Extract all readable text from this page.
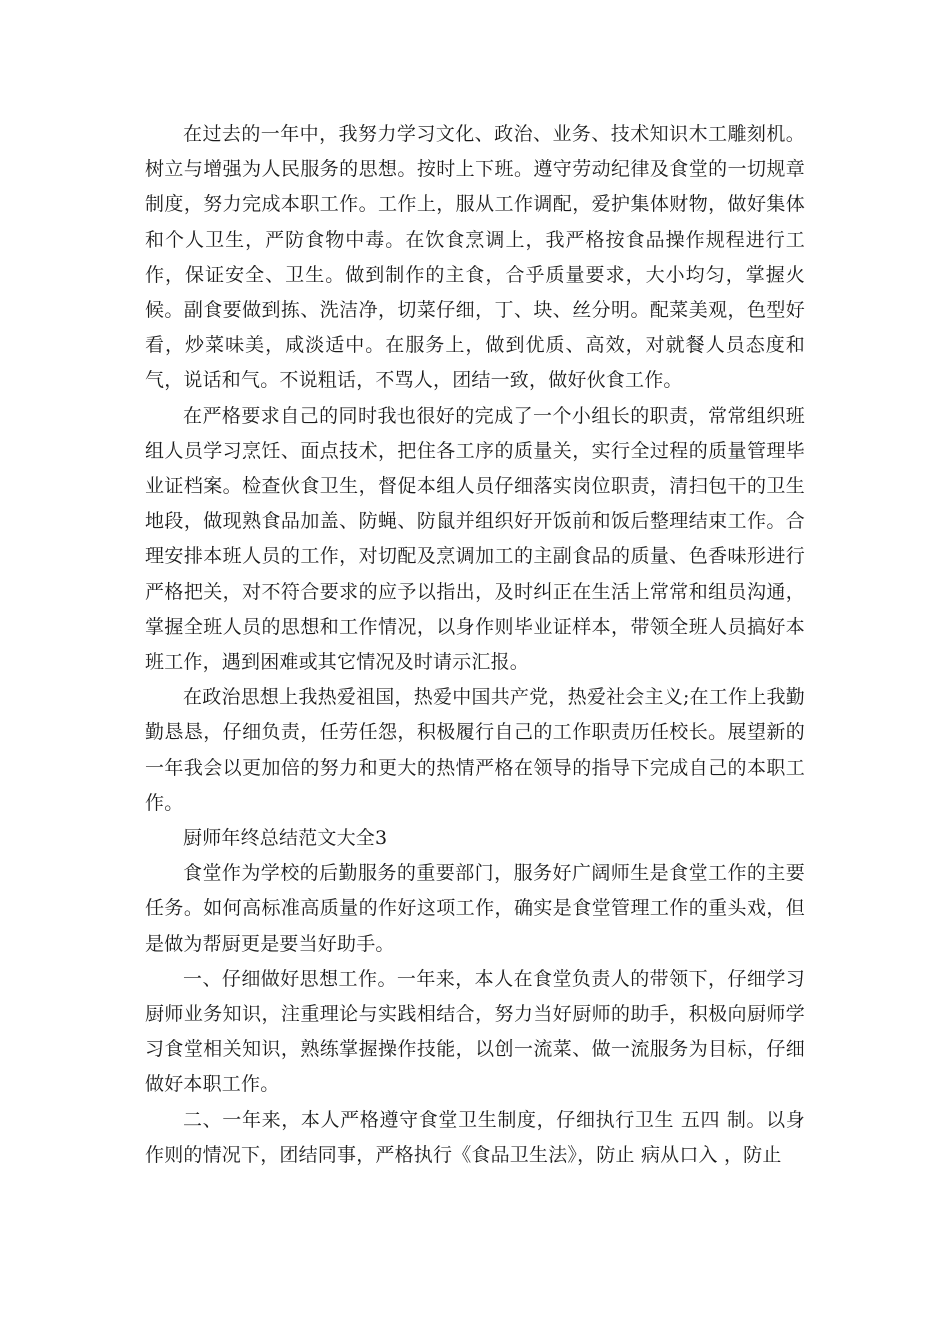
在过去的一年中，我努力学习文化、政治、业务、技术知识木工雕刻机。树立与增强为人民服务的思想。按时上下班。遵守劳动纪律及食堂的一切规章制度，努力完成本职工作。工作上，服从工作调配，爱护集体财物，做好集体和个人卫生，严防食物中毒。在饮食烹调上，我严格按食品操作规程进行工作，保证安全、卫生。做到制作的主食，合乎质量要求，大小均匀，掌握火候。副食要做到拣、洗洁净，切菜仔细，丁、块、丝分明。配菜美观，色型好看，炒菜味美，咸淡适中。在服务上，做到优质、高效，对就餐人员态度和气，说话和气。不说粗话，不骂人，团结一致，做好伙食工作。

在严格要求自己的同时我也很好的完成了一个小组长的职责，常常组织班组人员学习烹饪、面点技术，把住各工序的质量关，实行全过程的质量管理毕业证档案。检查伙食卫生，督促本组人员仔细落实岗位职责，清扫包干的卫生地段，做现熟食品加盖、防蝇、防鼠并组织好开饭前和饭后整理结束工作。合理安排本班人员的工作，对切配及烹调加工的主副食品的质量、色香味形进行严格把关，对不符合要求的应予以指出，及时纠正在生活上常常和组员沟通，掌握全班人员的思想和工作情况，以身作则毕业证样本，带领全班人员搞好本班工作，遇到困难或其它情况及时请示汇报。

在政治思想上我热爱祖国，热爱中国共产党，热爱社会主义;在工作上我勤勤恳恳，仔细负责，任劳任怨，积极履行自己的工作职责历任校长。展望新的一年我会以更加倍的努力和更大的热情严格在领导的指导下完成自己的本职工作。

厨师年终总结范文大全3

食堂作为学校的后勤服务的重要部门，服务好广阔师生是食堂工作的主要任务。如何高标准高质量的作好这项工作，确实是食堂管理工作的重头戏，但是做为帮厨更是要当好助手。

一、仔细做好思想工作。一年来，本人在食堂负责人的带领下，仔细学习厨师业务知识，注重理论与实践相结合，努力当好厨师的助手，积极向厨师学习食堂相关知识，熟练掌握操作技能，以创一流菜、做一流服务为目标，仔细做好本职工作。

二、一年来，本人严格遵守食堂卫生制度，仔细执行卫生 五四 制。以身作则的情况下，团结同事，严格执行《食品卫生法》，防止 病从口入 ，防止
